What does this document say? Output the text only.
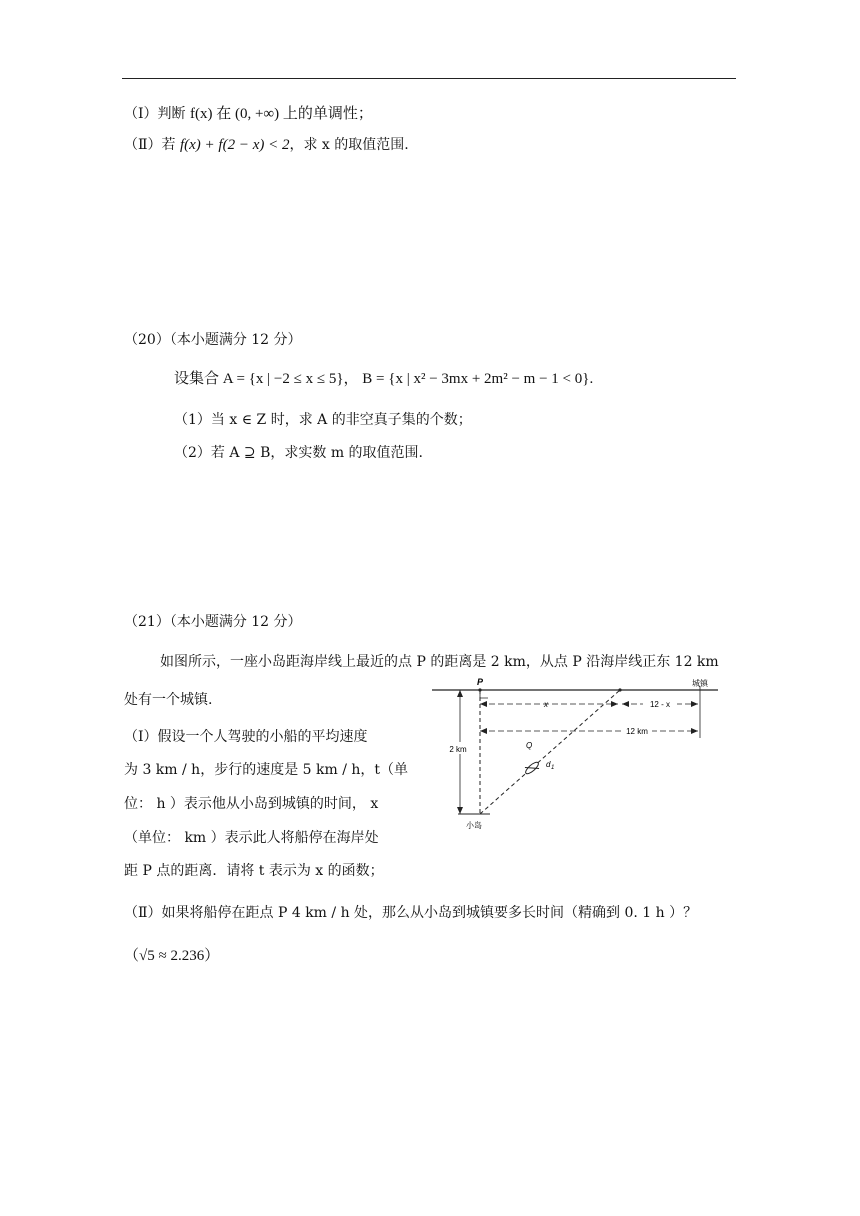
（Ⅰ）判断 f(x) 在 (0, +∞) 上的单调性；
（Ⅱ）若 f(x) + f(2 − x) < 2，求 x 的取值范围.
（20）（本小题满分 12 分）
设集合 A = {x | −2 ≤ x ≤ 5}， B = {x | x² − 3mx + 2m² − m − 1 < 0}.
（1）当 x ∈ Z 时，求 A 的非空真子集的个数；
（2）若 A ⊇ B，求实数 m 的取值范围.
（21）（本小题满分 12 分）
如图所示，一座小岛距海岸线上最近的点 P 的距离是 2 km，从点 P 沿海岸线正东 12 km
处有一个城镇.
（Ⅰ）假设一个人驾驶的小船的平均速度
为 3 km / h，步行的速度是 5 km / h，t（单
位： h ）表示他从小岛到城镇的时间， x
（单位： km ）表示此人将船停在海岸处
距 P 点的距离．请将 t 表示为 x 的函数；
（Ⅱ）如果将船停在距点 P 4 km / h 处，那么从小岛到城镇要多长时间（精确到 0. 1 h ）？
（√5 ≈ 2.236）
2 km
P	城镇
x	12 - x
12 km
Q
d 1
小岛
